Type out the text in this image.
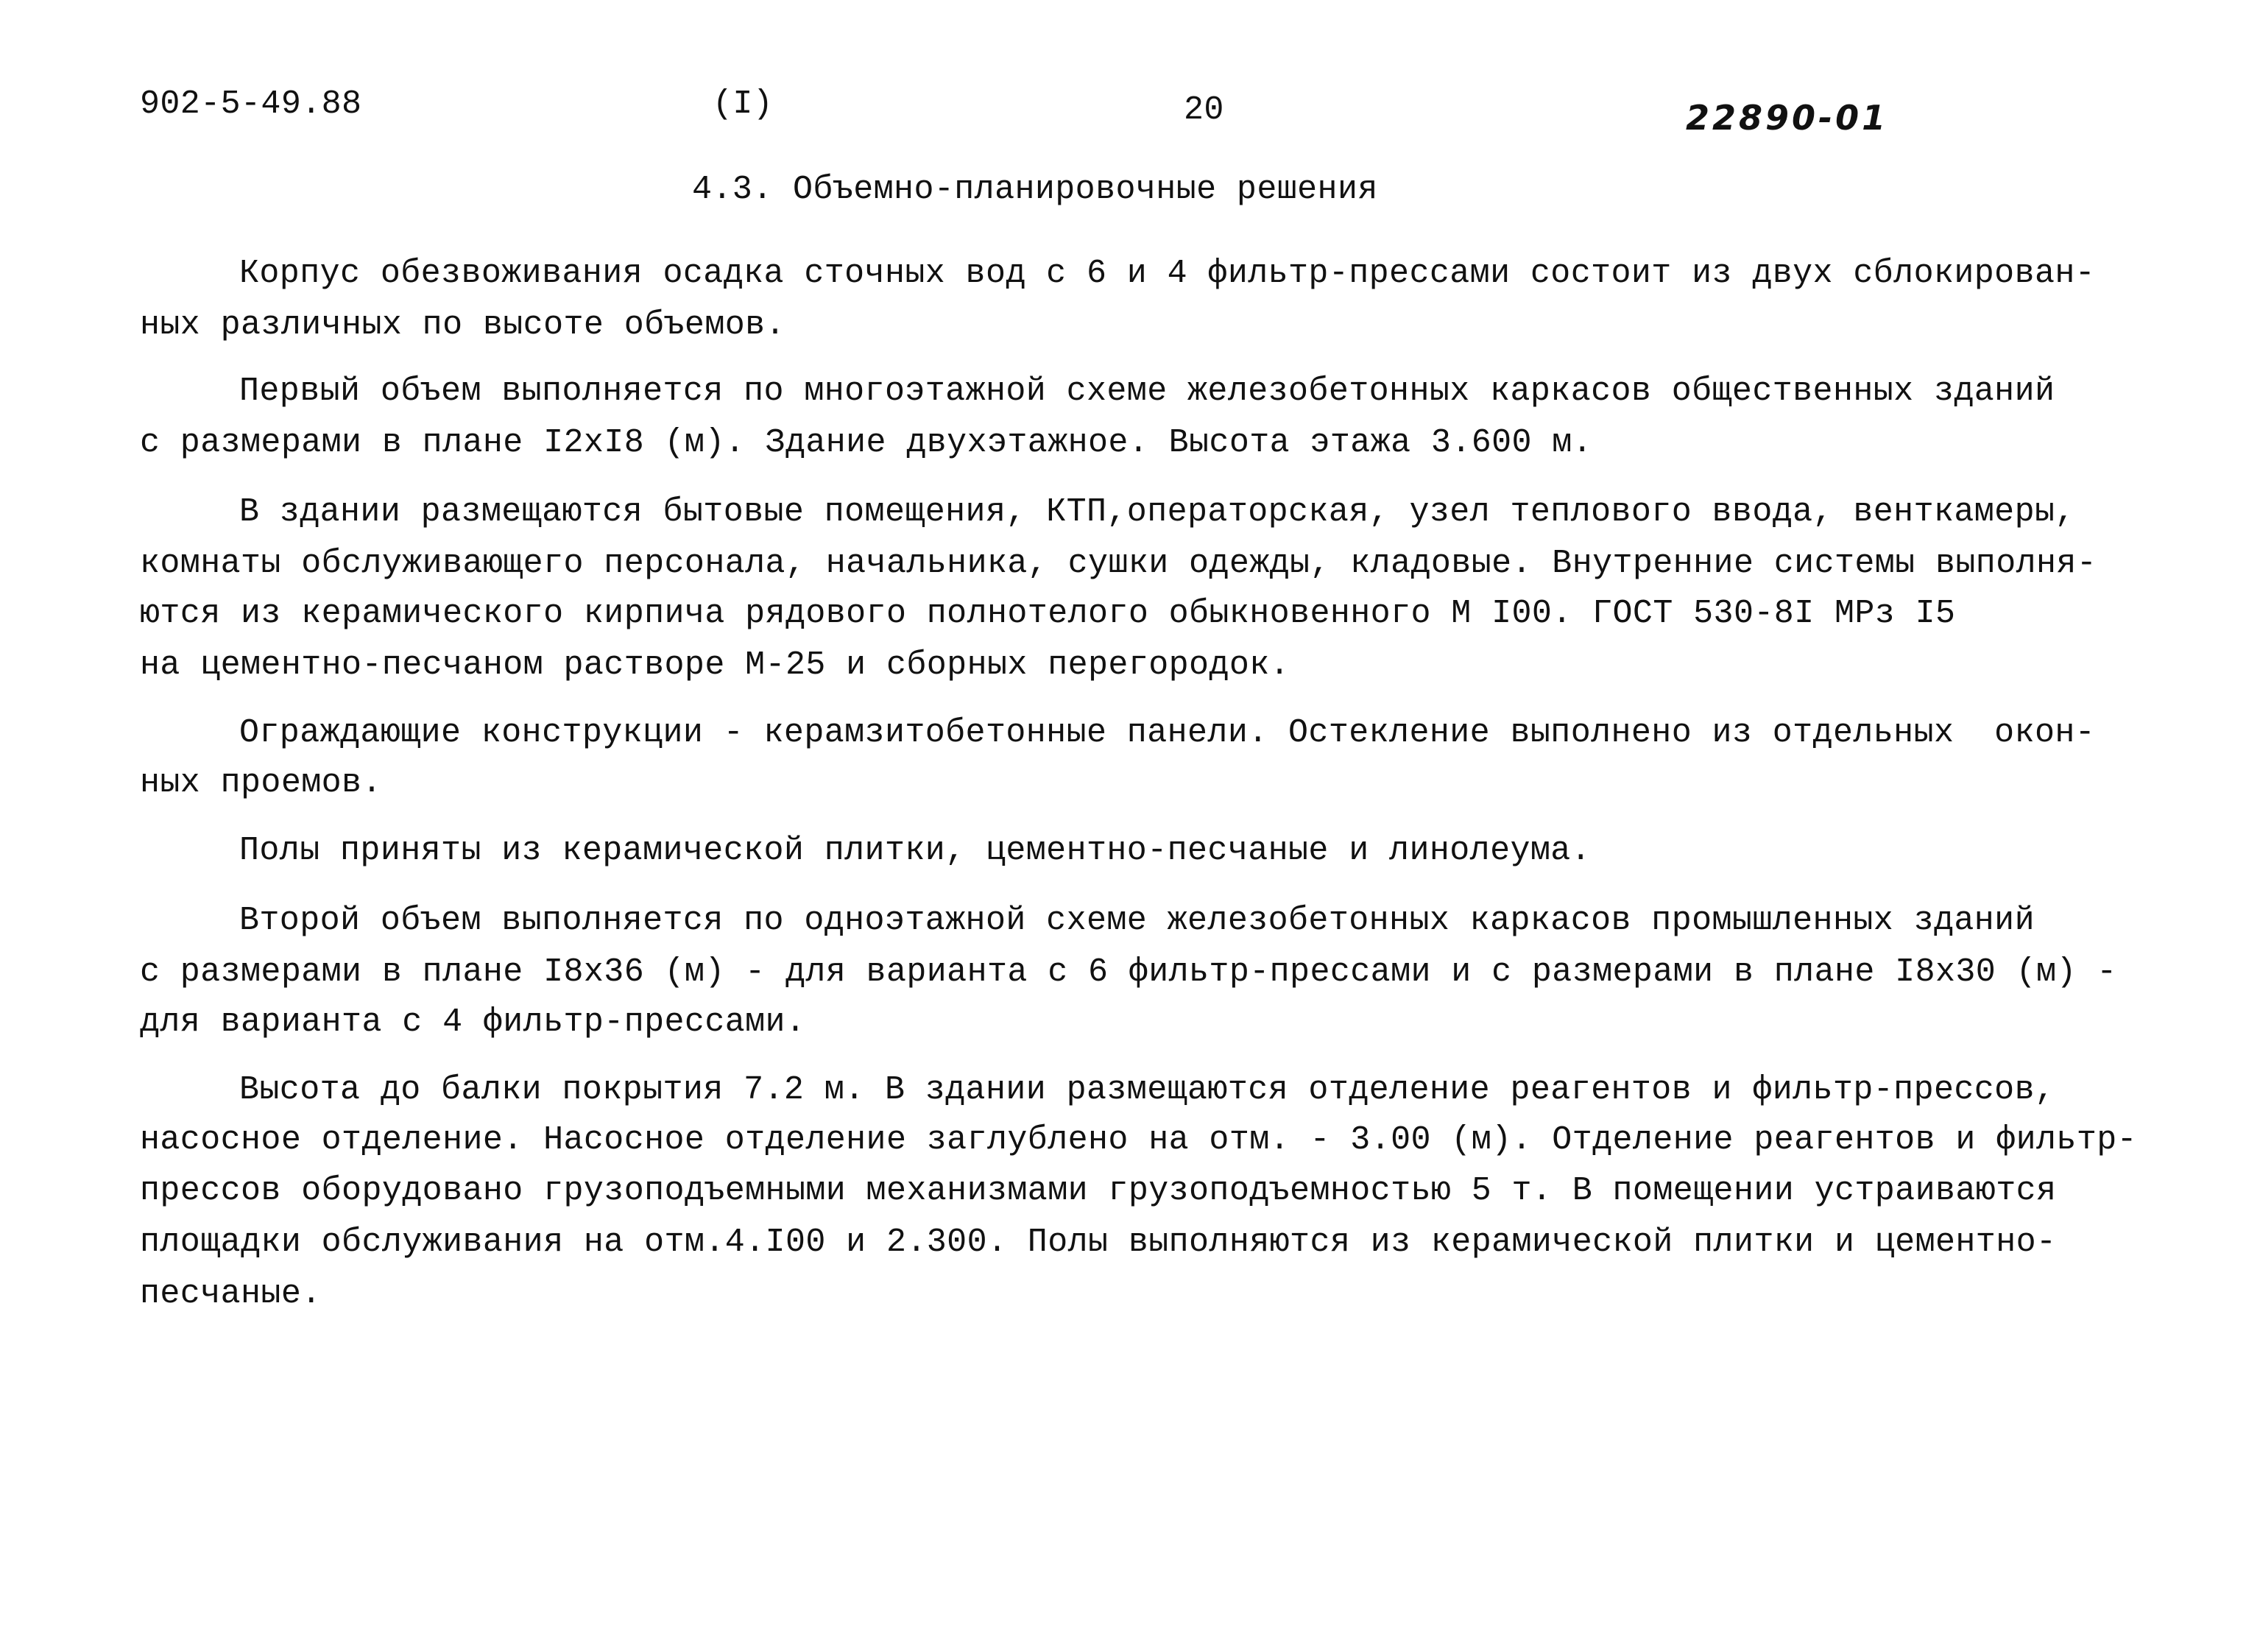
902-5-49.88	(I)	20	22890-01
4.3. Объемно-планировочные решения
Корпус обезвоживания осадка сточных вод с 6 и 4 фильтр-прессами состоит из двух сблокирован-
ных различных по высоте объемов.
Первый объем выполняется по многоэтажной схеме железобетонных каркасов общественных зданий
с размерами в плане I2xI8 (м). Здание двухэтажное. Высота этажа 3.600 м.
В здании размещаются бытовые помещения, КТП,операторская, узел теплового ввода, венткамеры,
комнаты обслуживающего персонала, начальника, сушки одежды, кладовые. Внутренние системы выполня-
ются из керамического кирпича рядового полнотелого обыкновенного М I00. ГОСТ 530-8I МРз I5
на цементно-песчаном растворе М-25 и сборных перегородок.
Ограждающие конструкции - керамзитобетонные панели. Остекление выполнено из отдельных  окон-
ных проемов.
Полы приняты из керамической плитки, цементно-песчаные и линолеума.
Второй объем выполняется по одноэтажной схеме железобетонных каркасов промышленных зданий
с размерами в плане I8x36 (м) - для варианта с 6 фильтр-прессами и с размерами в плане I8x30 (м) -
для варианта с 4 фильтр-прессами.
Высота до балки покрытия 7.2 м. В здании размещаются отделение реагентов и фильтр-прессов,
насосное отделение. Насосное отделение заглублено на отм. - 3.00 (м). Отделение реагентов и фильтр-
прессов оборудовано грузоподъемными механизмами грузоподъемностью 5 т. В помещении устраиваются
площадки обслуживания на отм.4.I00 и 2.300. Полы выполняются из керамической плитки и цементно-
песчаные.
